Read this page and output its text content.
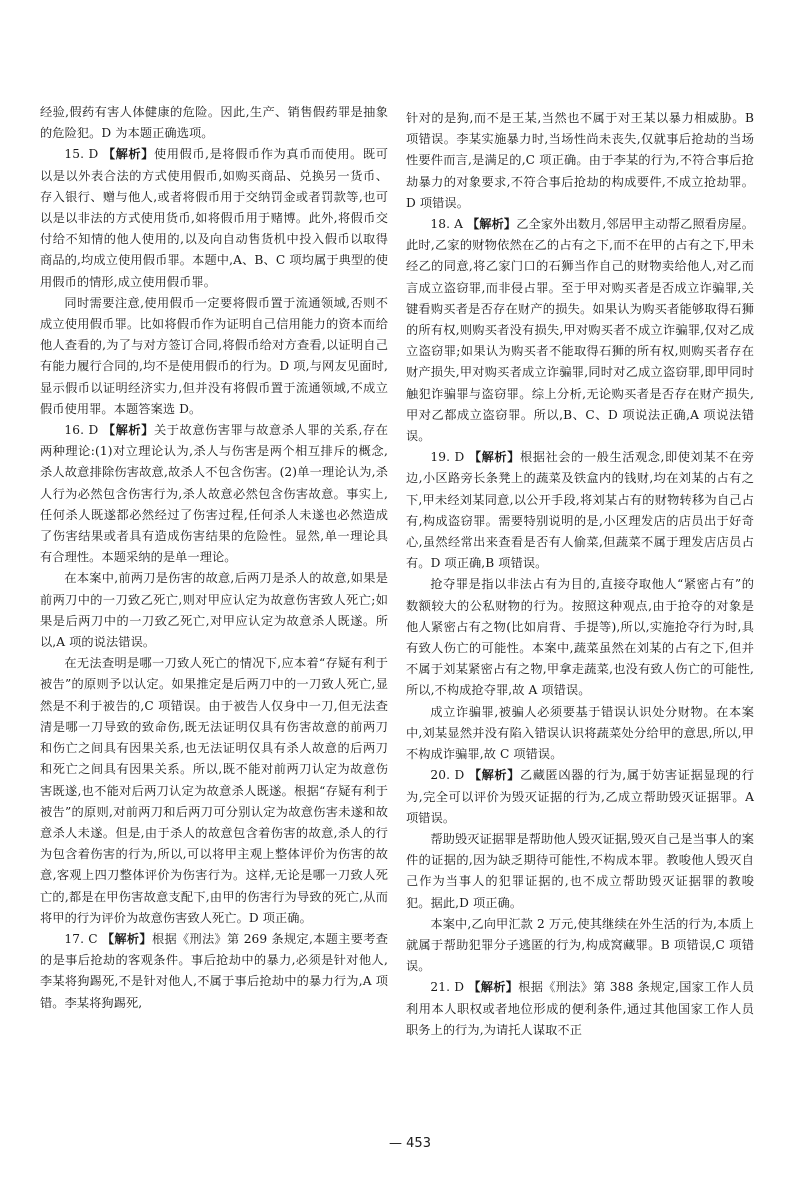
经验,假药有害人体健康的危险。因此,生产、销售假药罪是抽象的危险犯。D 为本题正确选项。

15. D 【解析】使用假币,是将假币作为真币而使用。既可以是以外表合法的方式使用假币,如购买商品、兑换另一货币、存入银行、赠与他人,或者将假币用于交纳罚金或者罚款等,也可以是以非法的方式使用货币,如将假币用于赌博。此外,将假币交付给不知情的他人使用的,以及向自动售货机中投入假币以取得商品的,均成立使用假币罪。本题中,A、B、C 项均属于典型的使用假币的情形,成立使用假币罪。

同时需要注意,使用假币一定要将假币置于流通领域,否则不成立使用假币罪。比如将假币作为证明自己信用能力的资本而给他人查看的,为了与对方签订合同,将假币给对方查看,以证明自己有能力履行合同的,均不是使用假币的行为。D 项,与网友见面时,显示假币以证明经济实力,但并没有将假币置于流通领域,不成立假币使用罪。本题答案选 D。

16. D 【解析】关于故意伤害罪与故意杀人罪的关系,存在两种理论:(1)对立理论认为,杀人与伤害是两个相互排斥的概念,杀人故意排除伤害故意,故杀人不包含伤害。(2)单一理论认为,杀人行为必然包含伤害行为,杀人故意必然包含伤害故意。事实上,任何杀人既遂都必然经过了伤害过程,任何杀人未遂也必然造成了伤害结果或者具有造成伤害结果的危险性。显然,单一理论具有合理性。本题采纳的是单一理论。

在本案中,前两刀是伤害的故意,后两刀是杀人的故意,如果是前两刀中的一刀致乙死亡,则对甲应认定为故意伤害致人死亡;如果是后两刀中的一刀致乙死亡,对甲应认定为故意杀人既遂。所以,A 项的说法错误。

在无法查明是哪一刀致人死亡的情况下,应本着“存疑有利于被告”的原则予以认定。如果推定是后两刀中的一刀致人死亡,显然是不利于被告的,C 项错误。由于被告人仅身中一刀,但无法查清是哪一刀导致的致命伤,既无法证明仅具有伤害故意的前两刀和伤亡之间具有因果关系,也无法证明仅具有杀人故意的后两刀和死亡之间具有因果关系。所以,既不能对前两刀认定为故意伤害既遂,也不能对后两刀认定为故意杀人既遂。根据“存疑有利于被告”的原则,对前两刀和后两刀可分别认定为故意伤害未遂和故意杀人未遂。但是,由于杀人的故意包含着伤害的故意,杀人的行为包含着伤害的行为,所以,可以将甲主观上整体评价为伤害的故意,客观上四刀整体评价为伤害行为。这样,无论是哪一刀致人死亡的,都是在甲伤害故意支配下,由甲的伤害行为导致的死亡,从而将甲的行为评价为故意伤害致人死亡。D 项正确。

17. C 【解析】根据《刑法》第 269 条规定,本题主要考查的是事后抢劫的客观条件。事后抢劫中的暴力,必须是针对他人,李某将狗踢死,不是针对他人,不属于事后抢劫中的暴力行为,A 项错。李某将狗踢死,

针对的是狗,而不是王某,当然也不属于对王某以暴力相威胁。B 项错误。李某实施暴力时,当场性尚未丧失,仅就事后抢劫的当场性要件而言,是满足的,C 项正确。由于李某的行为,不符合事后抢劫暴力的对象要求,不符合事后抢劫的构成要件,不成立抢劫罪。D 项错误。

18. A 【解析】乙全家外出数月,邻居甲主动帮乙照看房屋。此时,乙家的财物依然在乙的占有之下,而不在甲的占有之下,甲未经乙的同意,将乙家门口的石狮当作自己的财物卖给他人,对乙而言成立盗窃罪,而非侵占罪。至于甲对购买者是否成立诈骗罪,关键看购买者是否存在财产的损失。如果认为购买者能够取得石狮的所有权,则购买者没有损失,甲对购买者不成立诈骗罪,仅对乙成立盗窃罪;如果认为购买者不能取得石狮的所有权,则购买者存在财产损失,甲对购买者成立诈骗罪,同时对乙成立盗窃罪,即甲同时触犯诈骗罪与盗窃罪。综上分析,无论购买者是否存在财产损失,甲对乙都成立盗窃罪。所以,B、C、D 项说法正确,A 项说法错误。

19. D 【解析】根据社会的一般生活观念,即使刘某不在旁边,小区路旁长条凳上的蔬菜及铁盒内的钱财,均在刘某的占有之下,甲未经刘某同意,以公开手段,将刘某占有的财物转移为自己占有,构成盗窃罪。需要特别说明的是,小区理发店的店员出于好奇心,虽然经常出来查看是否有人偷菜,但蔬菜不属于理发店店员占有。D 项正确,B 项错误。

抢夺罪是指以非法占有为目的,直接夺取他人“紧密占有”的数额较大的公私财物的行为。按照这种观点,由于抢夺的对象是他人紧密占有之物(比如肩背、手提等),所以,实施抢夺行为时,具有致人伤亡的可能性。本案中,蔬菜虽然在刘某的占有之下,但并不属于刘某紧密占有之物,甲拿走蔬菜,也没有致人伤亡的可能性,所以,不构成抢夺罪,故 A 项错误。

成立诈骗罪,被骗人必须要基于错误认识处分财物。在本案中,刘某显然并没有陷入错误认识将蔬菜处分给甲的意思,所以,甲不构成诈骗罪,故 C 项错误。

20. D 【解析】乙藏匿凶器的行为,属于妨害证据显现的行为,完全可以评价为毁灭证据的行为,乙成立帮助毁灭证据罪。A 项错误。

帮助毁灭证据罪是帮助他人毁灭证据,毁灭自己是当事人的案件的证据的,因为缺乏期待可能性,不构成本罪。教唆他人毁灭自己作为当事人的犯罪证据的,也不成立帮助毁灭证据罪的教唆犯。据此,D 项正确。

本案中,乙向甲汇款 2 万元,使其继续在外生活的行为,本质上就属于帮助犯罪分子逃匿的行为,构成窝藏罪。B 项错误,C 项错误。

21. D 【解析】根据《刑法》第 388 条规定,国家工作人员利用本人职权或者地位形成的便利条件,通过其他国家工作人员职务上的行为,为请托人谋取不正

— 453
